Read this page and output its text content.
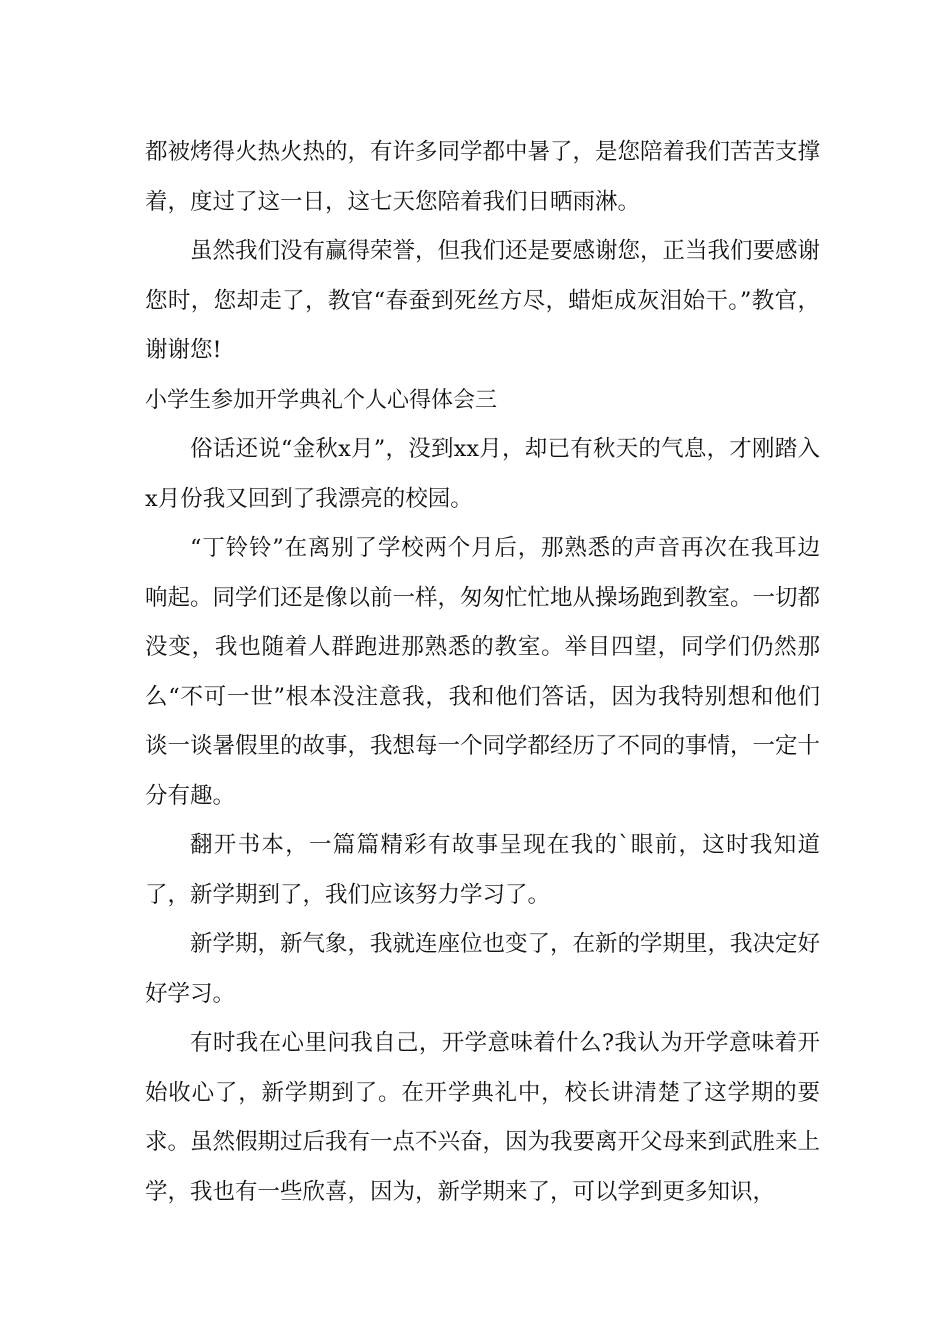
都被烤得火热火热的，有许多同学都中暑了，是您陪着我们苦苦支撑着，度过了这一日，这七天您陪着我们日晒雨淋。

虽然我们没有赢得荣誉，但我们还是要感谢您，正当我们要感谢您时，您却走了，教官“春蚕到死丝方尽，蜡炬成灰泪始干。”教官，谢谢您!

小学生参加开学典礼个人心得体会三

俗话还说“金秋x月”，没到xx月，却已有秋天的气息，才刚踏入x月份我又回到了我漂亮的校园。

“丁铃铃”在离别了学校两个月后，那熟悉的声音再次在我耳边响起。同学们还是像以前一样，匆匆忙忙地从操场跑到教室。一切都没变，我也随着人群跑进那熟悉的教室。举目四望，同学们仍然那么“不可一世”根本没注意我，我和他们答话，因为我特别想和他们谈一谈暑假里的故事，我想每一个同学都经历了不同的事情，一定十分有趣。

翻开书本，一篇篇精彩有故事呈现在我的`眼前，这时我知道了，新学期到了，我们应该努力学习了。

新学期，新气象，我就连座位也变了，在新的学期里，我决定好好学习。

有时我在心里问我自己，开学意味着什么?我认为开学意味着开始收心了，新学期到了。在开学典礼中，校长讲清楚了这学期的要求。虽然假期过后我有一点不兴奋，因为我要离开父母来到武胜来上学，我也有一些欣喜，因为，新学期来了，可以学到更多知识，
